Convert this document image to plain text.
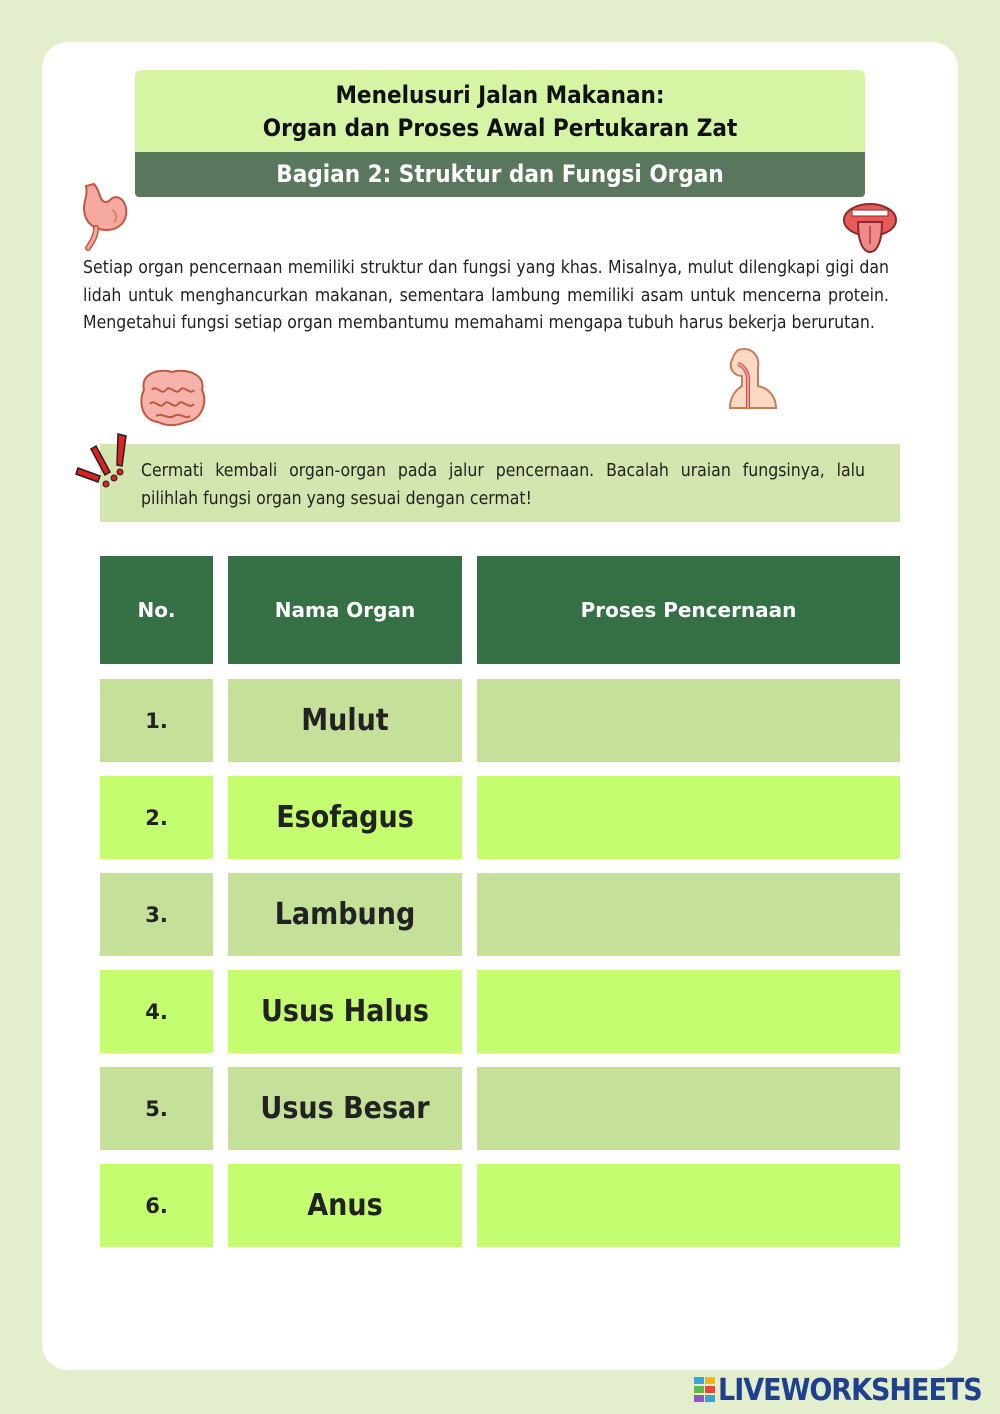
Menelusuri Jalan Makanan:
Organ dan Proses Awal Pertukaran Zat
Bagian 2: Struktur dan Fungsi Organ
Setiap organ pencernaan memiliki struktur dan fungsi yang khas. Misalnya, mulut dilengkapi gigi dan lidah untuk menghancurkan makanan, sementara lambung memiliki asam untuk mencerna protein. Mengetahui fungsi setiap organ membantumu memahami mengapa tubuh harus bekerja berurutan.
Cermati kembali organ-organ pada jalur pencernaan. Bacalah uraian fungsinya, lalu pilihlah fungsi organ yang sesuai dengan cermat!
No.	Nama Organ	Proses Pencernaan
1.	Mulut
2.	Esofagus
3.	Lambung
4.	Usus Halus
5.	Usus Besar
6.	Anus
LIVEWORKSHEETS
